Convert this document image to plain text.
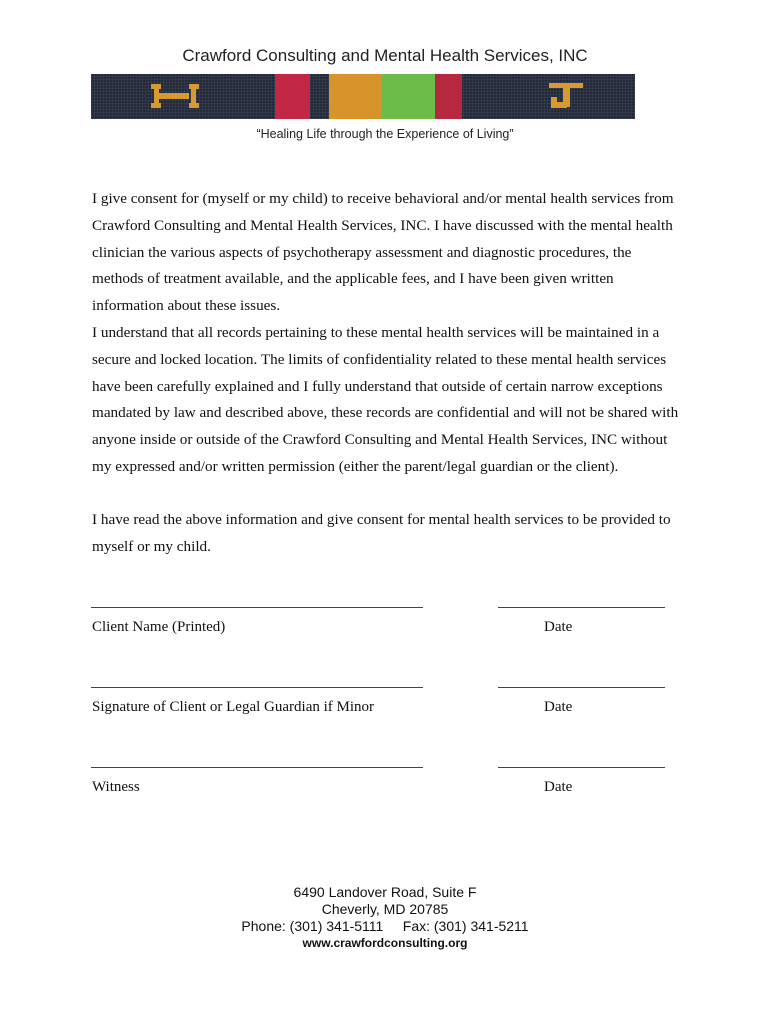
Crawford Consulting and Mental Health Services, INC
“Healing Life through the Experience of Living”

I give consent for (myself or my child) to receive behavioral and/or mental health services from

Crawford Consulting and Mental Health Services, INC. I have discussed with the mental health

clinician the various aspects of psychotherapy assessment and diagnostic procedures, the

methods of treatment available, and the applicable fees, and I have been given written

information about these issues.

I understand that all records pertaining to these mental health services will be maintained in a

secure and locked location. The limits of confidentiality related to these mental health services

have been carefully explained and I fully understand that outside of certain narrow exceptions

mandated by law and described above, these records are confidential and will not be shared with

anyone inside or outside of the Crawford Consulting and Mental Health Services, INC without

my expressed and/or written permission (either the parent/legal guardian or the client).

I have read the above information and give consent for mental health services to be provided to

myself or my child.

Client Name (Printed)	Date
Signature of Client or Legal Guardian if Minor	Date
Witness	Date
6490 Landover Road, Suite F
Cheverly, MD 20785
Phone: (301) 341-5111     Fax: (301) 341-5211
www.crawfordconsulting.org
